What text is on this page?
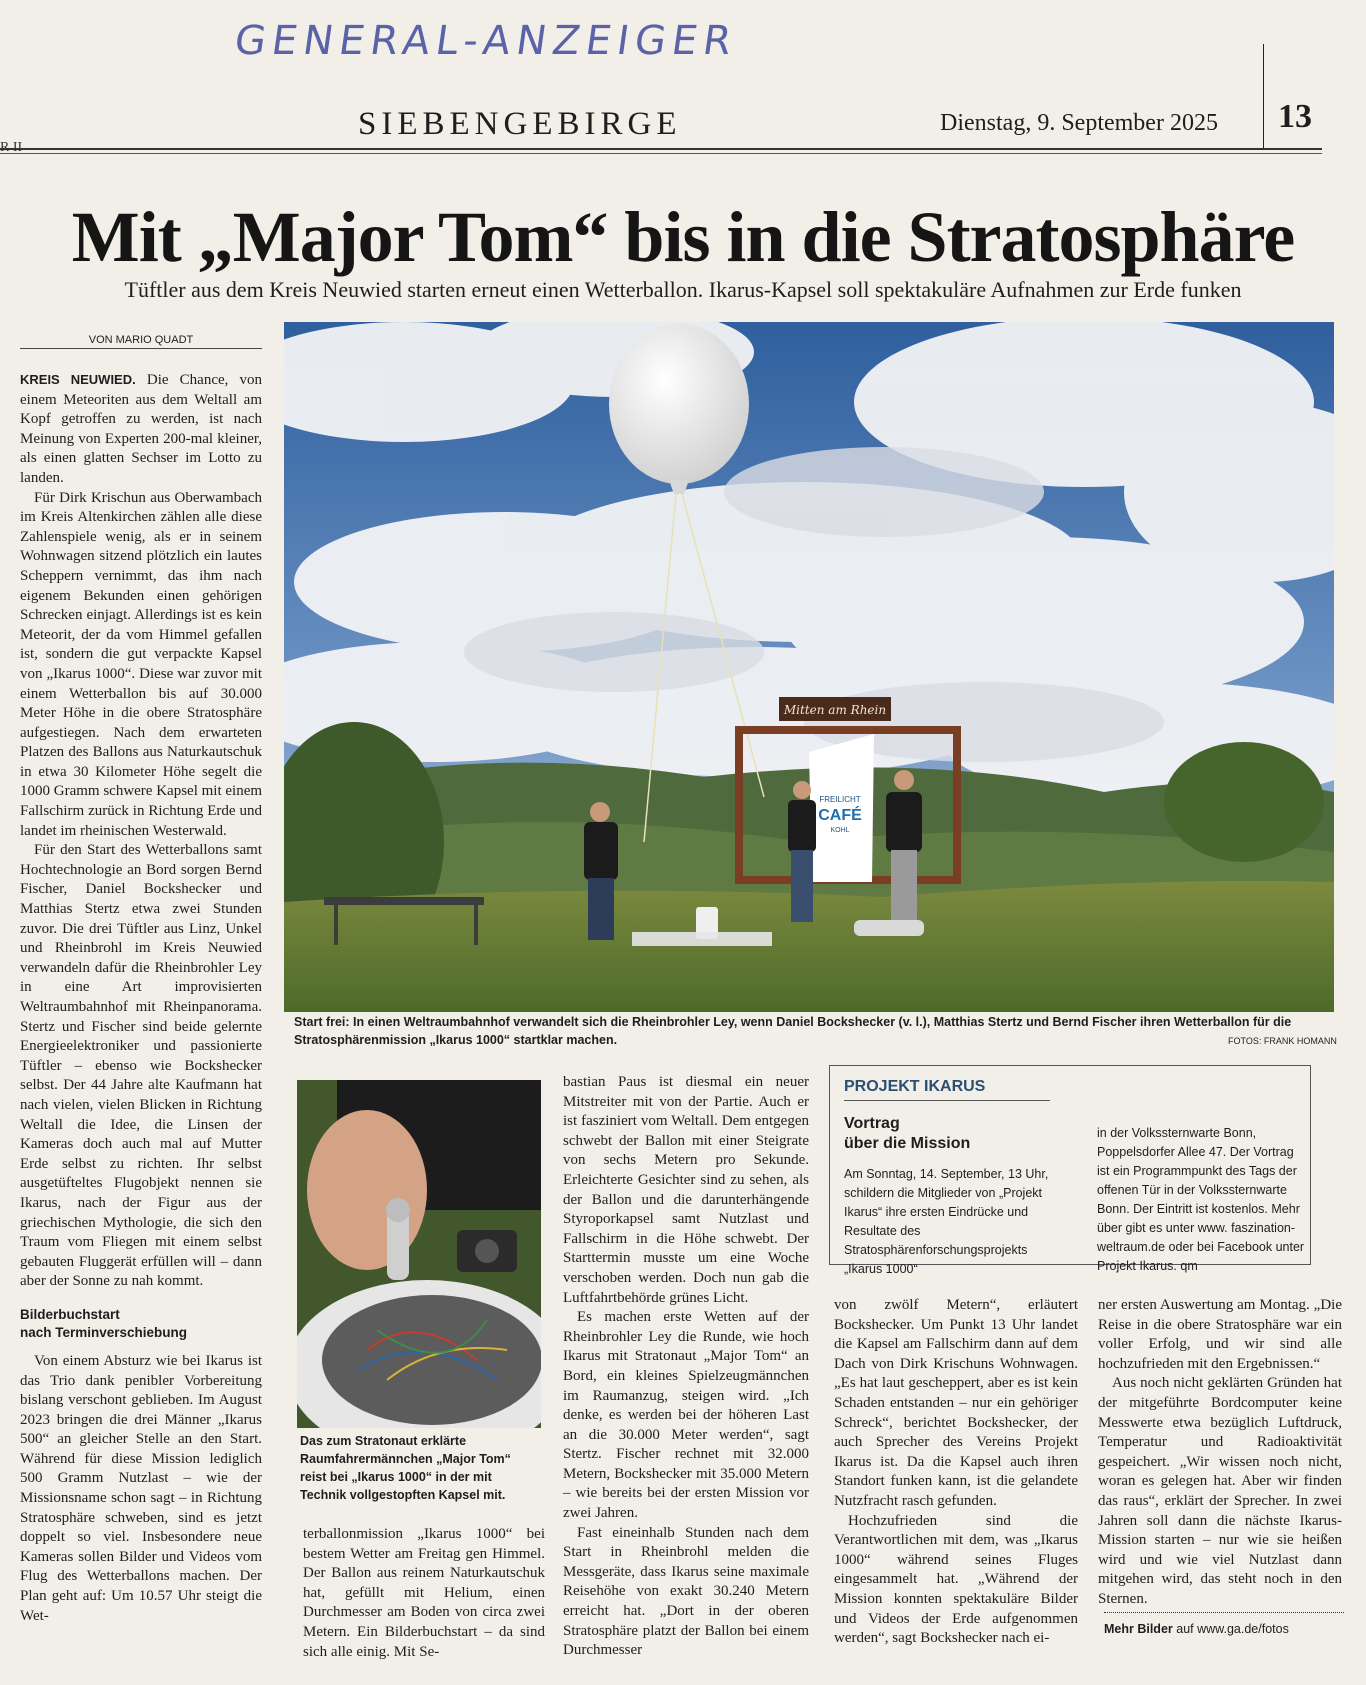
GENERAL-ANZEIGER
SIEBENGEBIRGE	Dienstag, 9. September 2025 13
Mit „Major Tom“ bis in die Stratosphäre
Tüftler aus dem Kreis Neuwied starten erneut einen Wetterballon. Ikarus-Kapsel soll spektakuläre Aufnahmen zur Erde funken
VON MARIO QUADT

KREIS NEUWIED. Die Chance, von einem Meteoriten aus dem Weltall am Kopf getroffen zu werden, ist nach Meinung von Experten 200-mal kleiner, als einen glatten Sechser im Lotto zu landen.

Für Dirk Krischun aus Oberwambach im Kreis Altenkirchen zählen alle diese Zahlenspiele wenig, als er in seinem Wohnwagen sitzend plötzlich ein lautes Scheppern vernimmt, das ihm nach eigenem Bekunden einen gehörigen Schrecken einjagt. Allerdings ist es kein Meteorit, der da vom Himmel gefallen ist, sondern die gut verpackte Kapsel von „Ikarus 1000“. Diese war zuvor mit einem Wetterballon bis auf 30.000 Meter Höhe in die obere Stratosphäre aufgestiegen. Nach dem erwarteten Platzen des Ballons aus Naturkautschuk in etwa 30 Kilometer Höhe segelt die 1000 Gramm schwere Kapsel mit einem Fallschirm zurück in Richtung Erde und landet im rheinischen Westerwald.

Für den Start des Wetterballons samt Hochtechnologie an Bord sorgen Bernd Fischer, Daniel Bockshecker und Matthias Stertz etwa zwei Stunden zuvor. Die drei Tüftler aus Linz, Unkel und Rheinbrohl im Kreis Neuwied verwandeln dafür die Rheinbrohler Ley in eine Art improvisierten Weltraumbahnhof mit Rheinpanorama. Stertz und Fischer sind beide gelernte Energieelektroniker und passionierte Tüftler – ebenso wie Bockshecker selbst. Der 44 Jahre alte Kaufmann hat nach vielen, vielen Blicken in Richtung Weltall die Idee, die Linsen der Kameras doch auch mal auf Mutter Erde selbst zu richten. Ihr selbst ausgetüfteltes Flugobjekt nennen sie Ikarus, nach der Figur aus der griechischen Mythologie, die sich den Traum vom Fliegen mit einem selbst gebauten Fluggerät erfüllen will – dann aber der Sonne zu nah kommt.

Bilderbuchstart
nach Terminverschiebung

Von einem Absturz wie bei Ikarus ist das Trio dank penibler Vorbereitung bislang verschont geblieben. Im August 2023 bringen die drei Männer „Ikarus 500“ an gleicher Stelle an den Start. Während für diese Mission lediglich 500 Gramm Nutzlast – wie der Missionsname schon sagt – in Richtung Stratosphäre schweben, sind es jetzt doppelt so viel. Insbesondere neue Kameras sollen Bilder und Videos vom Flug des Wetterballons machen. Der Plan geht auf: Um 10.57 Uhr steigt die Wet-

Mitten am Rhein
FREILICHT
CAFÉ
KOHL
Start frei: In einen Weltraumbahnhof verwandelt sich die Rheinbrohler Ley, wenn Daniel Bockshecker (v. l.), Matthias Stertz und Bernd Fischer ihren Wetterballon für die Stratosphärenmission „Ikarus 1000“ startklar machen.	FOTOS: FRANK HOMANN
Das zum Stratonaut erklärte Raumfahrermännchen „Major Tom“ reist bei „Ikarus 1000“ in der mit Technik vollgestopften Kapsel mit.

terballonmission „Ikarus 1000“ bei bestem Wetter am Freitag gen Himmel. Der Ballon aus reinem Naturkautschuk hat, gefüllt mit Helium, einen Durchmesser am Boden von circa zwei Metern. Ein Bilderbuchstart – da sind sich alle einig. Mit Se-

bastian Paus ist diesmal ein neuer Mitstreiter mit von der Partie. Auch er ist fasziniert vom Weltall. Dem entgegen schwebt der Ballon mit einer Steigrate von sechs Metern pro Sekunde. Erleichterte Gesichter sind zu sehen, als der Ballon und die darunterhängende Styroporkapsel samt Nutzlast und Fallschirm in die Höhe schwebt. Der Starttermin musste um eine Woche verschoben werden. Doch nun gab die Luftfahrtbehörde grünes Licht.

Es machen erste Wetten auf der Rheinbrohler Ley die Runde, wie hoch Ikarus mit Stratonaut „Major Tom“ an Bord, ein kleines Spielzeugmännchen im Raumanzug, steigen wird. „Ich denke, es werden bei der höheren Last an die 30.000 Meter werden“, sagt Stertz. Fischer rechnet mit 32.000 Metern, Bockshecker mit 35.000 Metern – wie bereits bei der ersten Mission vor zwei Jahren.

Fast eineinhalb Stunden nach dem Start in Rheinbrohl melden die Messgeräte, dass Ikarus seine maximale Reisehöhe von exakt 30.240 Metern erreicht hat. „Dort in der oberen Stratosphäre platzt der Ballon bei einem Durchmesser

PROJEKT IKARUS
Vortrag
über die Mission
Am Sonntag, 14. September, 13 Uhr, schildern die Mitglieder von „Projekt Ikarus“ ihre ersten Eindrücke und Resultate des Stratosphärenforschungsprojekts „Ikarus 1000“
in der Volkssternwarte Bonn, Poppelsdorfer Allee 47. Der Vortrag ist ein Programmpunkt des Tags der offenen Tür in der Volkssternwarte Bonn. Der Eintritt ist kostenlos. Mehr über gibt es unter www. faszination-weltraum.de oder bei Facebook unter Projekt Ikarus. qm

von zwölf Metern“, erläutert Bockshecker. Um Punkt 13 Uhr landet die Kapsel am Fallschirm dann auf dem Dach von Dirk Krischuns Wohnwagen. „Es hat laut gescheppert, aber es ist kein Schaden entstanden – nur ein gehöriger Schreck“, berichtet Bockshecker, der auch Sprecher des Vereins Projekt Ikarus ist. Da die Kapsel auch ihren Standort funken kann, ist die gelandete Nutzfracht rasch gefunden.

Hochzufrieden sind die Verantwortlichen mit dem, was „Ikarus 1000“ während seines Fluges eingesammelt hat. „Während der Mission konnten spektakuläre Bilder und Videos der Erde aufgenommen werden“, sagt Bockshecker nach ei-

ner ersten Auswertung am Montag. „Die Reise in die obere Stratosphäre war ein voller Erfolg, und wir sind alle hochzufrieden mit den Ergebnissen.“

Aus noch nicht geklärten Gründen hat der mitgeführte Bordcomputer keine Messwerte etwa bezüglich Luftdruck, Temperatur und Radioaktivität gespeichert. „Wir wissen noch nicht, woran es gelegen hat. Aber wir finden das raus“, erklärt der Sprecher. In zwei Jahren soll dann die nächste Ikarus-Mission starten – nur wie sie heißen wird und wie viel Nutzlast dann mitgehen wird, das steht noch in den Sternen.

Mehr Bilder auf www.ga.de/fotos
